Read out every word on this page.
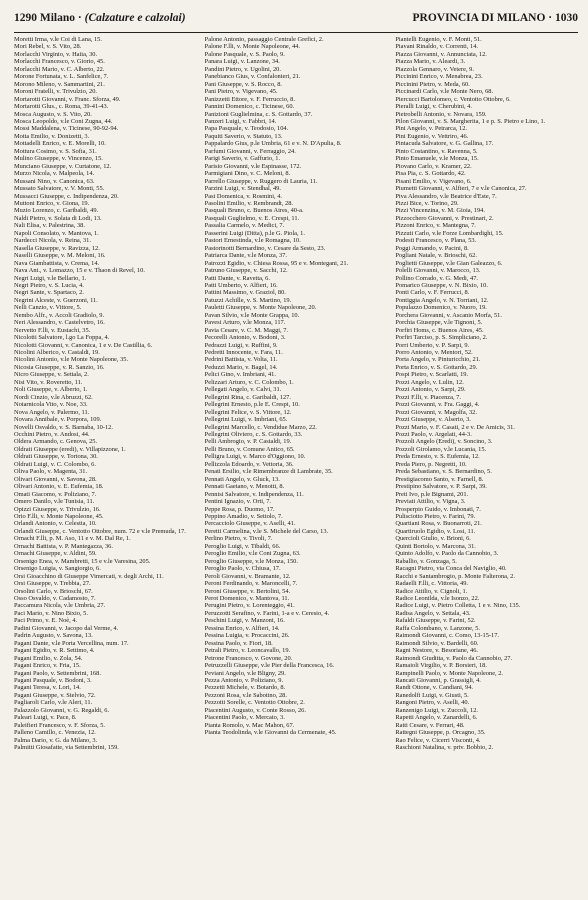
1290 Milano · (Calzature e calzolai)	PROVINCIA DI MILANO · 1030
Moretti Irma, v.le Coi di Lana, 15.
Mori Rebel, v. S. Vito, 28.
Morlacchi Virginio, v. Haiia, 30.
Morlacchi Francesco, v. Giorio, 45.
Morlacchi Mario, v. C. Alberto, 22.
Morone Fortunata, v. L. Sanfelice, 7.
Morono Mileno, v. Sammartini, 21.
Moroni Fratelli, v. Trivulzio, 20.
Mortarotti Giovanni, v. Franc. Sforza, 49.
Mortarotti Glus., c. Roma, 39-41-43.
Mosca Augusto, v. S. Vito, 20.
Mosca Leopoldo, v.le Coni Zugna, 44.
Mossi Maddalena, v. Ticinese, 90-92-94.
Motta Emilio, v. Donizetti, 3.
Mottadelli Enrico, v. E. Morelli, 10.
Mottura Cosimo, v. S. Sofia, 31.
Mulino Giuseppe, v. Vincenzo, 15.
Munciano Giuseppe, v. Curtatone, 12.
Murzo Nicola, v. Malpeola, 14.
Mussani Nino, v. Canonica, 63.
Mussato Salvatore, v. V. Monti, 55.
Mussacci Giuseppe, c. Indipendenza, 20.
Muttoni Enrico, v. Giona, 19.
Muzio Lorenzo, c. Garibaldi, 49.
Naldi Pietro, v. Solata di Lodi, 13.
Nali Elisa, v. Palestrina, 38.
Napoli Consolato, v. Mantova, 1.
Nardecci Nicola, v. Reina, 31.
Nasella Giuseppe, v. Ravizza, 12.
Naselli Giuseppe, v. M. Meloni, 16.
Nava Giambattista, v. Crema, 14.
Nava Ant., v. Lomazzo, 15 e v. Thaon di Revel, 10.
Negri Luigi, v.le Bellario, 1.
Negri Pietro, v. S. Lucia, 4.
Negri Sante, v. Spartaco, 2.
Negrini Alceste, v. Guerzoni, 11.
Nelli Canzio, v. Vittore, 5.
Nembo Alfr., v. Accoli Gradiolo, 9.
Neri Alessandro, v. Castelvetro, 16.
Nervetto F.lli, v. Eustachi, 35.
Nicolotti Salvatore, l.go La Foppa, 4.
Nicolotti Giovanni, v. Canonica, 1 e v. De Castillia, 6.
Nicolini Alberico, v. Castaldi, 19.
Nicolini Antonio, v.le Monte Napoleone, 35.
Nicosia Giuseppe, v. R. Sanzio, 16.
Nicro Giuseppe, v. Settala, 2.
Nisi Vito, v. Roveretto, 11.
Noli Giuseppe, v. Alberto, 1.
Nordi Cinzio, v.le Abruzzi, 62.
Notarnicola Vito, v. Noe, 33.
Nova Angelo, v. Palermo, 11.
Novara Annibale, v. Porpora, 109.
Novelli Osvaldo, v. S. Barnaba, 10-12.
Occhini Pietro, v. Andosi, 44.
Oldera Armando, c. Genova, 25.
Oldrati Giuseppe (eredi), v. Villapizzone, 1.
Oldrati Giuseppe, v. Tortona, 30.
Oldrati Luigi, v. C. Colombo, 6.
Oliva Paolo, v. Magenta, 31.
Olivari Giovanni, v. Savona, 28.
Olivari Antonio, v. E. Eufemia, 18.
Omati Giacomo, v. Poliziano, 7.
Omero Danilo, v.le Tunisia, 11.
Opizzi Giuseppe, v. Trivulzio, 16.
Orio F.lli, v. Monte Napoleone, 45.
Orlandi Antonio, v. Celestia, 10.
Orlandi Giuseppe, c. Ventotto Ottobre, num. 72 e v.le Premuda, 17.
Ornachi F.lli, p. M. Aso, 11 e v. M. Dal Re, 1.
Ornachi Battista, v. P. Mantegazza, 36.
Ornachi Giuseppe, v. Aldini, 59.
Orsenigo Enea, v. Mambretti, 15 e v.le Varesina, 205.
Orsenigo Luigia, v. Sangiorgio, 6.
Orsi Gioacchino di Giuseppe Vimercati, v. degli Archi, 11.
Orsi Giuseppe, v. Trebbia, 27.
Orsolini Carlo, v. Brioschi, 67.
Osso Osvaldo, v. Cadamosto, 7.
Paccamura Nicola, v.le Umbria, 27.
Paci Mario, v. Nino Bixio, 5.
Paci Primo, v. E. Noè, 4.
Padini Giovanni, v. Jacopo dal Verme, 4.
Padrin Augusto, v. Savona, 13.
Pagani Dante, v.le Porta Vercellina, num. 17.
Pagani Egidio, v. R. Settimo, 4.
Pagani Emilio, v. Zola, 54.
Pagani Enrico, v. Fria, 15.
Pagani Paolo, v. Settembrini, 168.
Pagani Pasquale, v. Bodoni, 3.
Pagani Teresa, v. Lori, 14.
Pagani Giuseppe, v. Stelvio, 72.
Pagliaroli Carlo, v.le Aleri, 11.
Palazzolo Giovanni, v. G. Regaldi, 6.
Paleari Luigi, v. Pace, 8.
Paleifieri Francesco, v. F. Sforza, 5.
Palleno Camillo, c. Venezia, 12.
Palma Dario, v. G. da Milano, 3.
Palmitti Giosafatte, via Settembrini, 159.
Palone Antonio, passaggio Centrale Grefici, 2.
Palone F.lli, v. Monte Napoleone, 44.
Palone Pasquale, v. S. Paolo, 9.
Panara Luigi, v. Lanzone, 34.
Pandini Pietro, v. Ugolini, 20.
Panebianco Gius, v. Confalonieri, 21.
Pani Giuseppe, v. S. Rocco, 8.
Pani Pietro, v. Vigevano, 45.
Panizzetti Ettore, v. F. Ferruccio, 8.
Pannini Domenico, c. Ticinese, 60.
Panizioni Guglielmina, c. S. Gottardo, 37.
Panzeri Luigi, v. Fabbri, 14.
Papa Pasquale, v. Teodosio, 104.
Paquiti Saverio, v. Statuto, 13.
Pappalardo Gius, p.le Umbria, 61 e v. N. D'Apulia, 8.
Parfumi Giovanni, v. Ferraggio, 24.
Parigi Saverio, v. Gaffurio, 1.
Parisio Giovanni, v.le Espinasse, 172.
Parmigiani Dino, v. C. Meloni, 8.
Parrello Giuseppe, v. Ruggero di Lauria, 11.
Parzini Luigi, v. Stendhal, 49.
Pasi Domenica, v. Rosmini, 4.
Pasolini Emilio, v. Rembrandt, 28.
Pasquali Bruno, c. Buenos Aires, 40-a.
Pasquali Guglielmo, v. E. Crespi, 11.
Passalia Carmelo, v. Medici, 7.
Passerini Luigi (Ditta), p.le G. Piola, 1.
Pastori Ernestinda, v.le Romagna, 10.
Pastorinotti Bernardino, v. Cesare da Sesto, 23.
Patriarca Dante, v.le Monza, 37.
Patrozzi Egidio, v. Chiesa Rossa, 95 e v. Montegani, 21.
Patruno Giuseppe, v. Sacchi, 12.
Patti Dante, v. Ravetta, 6.
Patti Umberto, v. Alfieri, 16.
Pattini Massimo, v. Graziol, 80.
Patuzzi Achille, v. S. Martino, 19.
Pauletti Giuseppe, v. Monte Napoleone, 20.
Pavan Silvio, v.le Monte Grappa, 10.
Pavesi Arturo, v.le Monza, 117.
Pavia Cesare, v. C. M. Maggi, 7.
Pecorelli Antonio, v. Bodoni, 3.
Pedrazzi Luigi, v. Ruffini, 9.
Pedretti Innocente, v. Fara, 11.
Pedrini Battista, v. Volta, 11.
Peduzzi Mario, v. Bagel, 14.
Pelici Gino, v. Imbriani, 41.
Pelizzari Arturo, v. C. Colombo, 1.
Pellegati Angelo, v. Calvi, 31.
Pellegrini Rina, c. Garibaldi, 127.
Pellegrini Ernesto, p.le E. Crespi, 10.
Pellegrini Felice, v. S. Vittore, 12.
Pellegrini Luigi, v. Imbriani, 65.
Pellegrini Marcello, c. Vendidue Marzo, 22.
Pellegrini Oliviero, c. S. Gottardo, 33.
Pelli Ambrogio, v. P. Castaldi, 19.
Pelli Bruno, v. Comune Antico, 65.
Pelligra Luigi, v. Marco d'Oggiono, 10.
Pellizzola Edoardo, v. Vettoria, 36.
Penati Ersilio, v.le Rimembranze di Lambrate, 35.
Pennati Angelo, v. Gluck, 13.
Pennati Gaetano, v. Menotti, 8.
Pennisi Salvatore, v. Indipendenza, 11.
Pentini Ignazio, v. Orti, 7.
Peppe Rosa, p. Duomo, 17.
Peppino Amadio, v. Settolo, 7.
Percacciolo Giuseppe, v. Aselli, 41.
Peretti Carmelina, v.le S. Michele del Carso, 13.
Perlino Pietro, v. Tivoli, 7.
Peroglio Luigi, v. Tibaldi, 66.
Peroglio Emilio, v.le Coni Zugna, 63.
Peroglio Giuseppe, v.le Monza, 150.
Peroglio Paolo, v. Chiusa, 17.
Peroli Giovanni, v. Bramante, 12.
Peroni Ferdinando, v. Maroncelli, 7.
Peroni Giuseppe, v. Bertolini, 54.
Perot Domenico, v. Mantova, 11.
Perugini Pietro, v. Lorenteggio, 41.
Peruzzotti Serafino, v. Farini, 1-a e v. Ceresio, 4.
Peschini Luigi, v. Manzoni, 16.
Pessina Enrico, v. Alfieri, 14.
Pessina Luigia, v. Procaccini, 26.
Pessina Paolo, v. Fiori, 18.
Petrali Pietro, v. Leoncavallo, 19.
Petrone Francesco, v. Govone, 20.
Petruzzelli Giuseppe, v.le Pier della Francesca, 16.
Peviani Angelo, v.le Bligny, 29.
Pezza Antonio, v. Poliziano, 9.
Pezzetti Michele, v. Botardo, 8.
Pezzoni Rosa, v.le Sabotino, 28.
Pezzotti Sorelle, c. Ventotto Ottobre, 2.
Piacentini Augusto, v. Conte Rosso, 26.
Piacentini Paolo, v. Mercato, 3.
Pianta Romolo, v. Mac Mahon, 67.
Pianta Teodolinda, v.le Giovanni da Cermenate, 45.
Piantelli Eugenio, v. F. Monti, 51.
Piavani Rinaldo, v. Correnti, 14.
Piazza Giovanni, v. Annunciata, 12.
Piazza Mario, v. Aleardi, 3.
Piazzola Gennaro, v. Vetere, 9.
Piccinini Enrico, v. Menabrea, 23.
Piccinini Pietro, v. Meda, 60.
Piccinardi Carlo, v.le Monte Nero, 68.
Piercucci Bartolomeo, c. Ventotto Ottobre, 6.
Pieralli Luigi, v. Cherubini, 4.
Pietrobelli Antonio, v. Novara, 159.
Pilon Giovanni, v. S. Margherita, 1 e p. S. Pietro e Lino, 1.
Pini Angelo, v. Petrarca, 12.
Pini Eugenio, v. Vettriro, 46.
Pintacuda Salvatore, v. G. Gallina, 17.
Pinto Costantino, v. Ravenna, 5.
Pinto Emanuele, v.le Monza, 15.
Piovano Carlo, v. Kramer, 22.
Pisa Pia, c. S. Gottardo, 42.
Pisani Emilio, v. Vigevano, 6.
Piumetti Giovanni, v. Alfieri, 7 e v.le Canonica, 27.
Piva Alessandro, v.le Beatrice d'Este, 7.
Pizzi Bice, v. Torino, 29.
Pizzi Vincenzina, v. M. Gioia, 194.
Pizzocchero Giovanni, v. Prestinari, 2.
Pizzoni Enrico, v. Mantegna, 7.
Pizzuti Carlo, v.le Forze Lombardighi, 15.
Podesti Francesco, v. Plana, 53.
Poggi Armando, v. Pacini, 8.
Pogliani Natale, v. Brioschi, 62.
Poglietti Giuseppe, v.le Gian Galeazzo, 6.
Polelli Giovanni, v. Marocco, 13.
Pollino Corrado, v. G. Medi, 47.
Pomarico Giuseppe, v. N. Bixio, 10.
Ponti Carlo, v. F. Ferrucci, 8.
Pontiggia Angelo, v. N. Torriani, 12.
Populazzo Domenico, v. Nuoro, 19.
Porchera Giovanni, v. Ascanio Morfa, 51.
Porchia Giuseppe, v.le Tignoni, 5.
Porfiri Homs, c. Buenos Aires, 45.
Porfiri Tarciso, p. S. Simpliciano, 2.
Porri Umberto, v. P. Sarpi, 9.
Porro Antonio, v. Mentori, 52.
Porta Angelo, v. Pinturicchio, 21.
Porta Enrico, v. S. Gottardo, 29.
Pospi Pietro, v. Scarlatti, 19.
Pozzi Angelo, v. Lulin, 12.
Pozzi Antonio, v. Sarpi, 29.
Pozzi F.lli, v. Piacenza, 7.
Pozzi Giovanni, v. Fra. Gaggi, 4.
Pozzi Giovanni, v. Magolfa, 32.
Pozzi Giuseppe, v. Alserio, 3.
Pozzi Mario, v. F. Casati, 2 e v. De Amicis, 31.
Pozzi Paolo, v. Argelati, 44-3.
Pozzoli Angelo (Eredi), v. Soncino, 3.
Pozzoli Girolamo, v.le Lucania, 15.
Preda Ernesto, v. S. Eufemia, 12.
Preda Piero, p. Negretti, 10.
Preda Sebastiano, v. S. Bernardino, 5.
Prestigiacomo Santo, v. Farnell, 8.
Prestipino Salvatore, v. P. Sarpi, 39.
Preti Ivo, p.le Bignami, 201.
Previati Attilio, v. Vigna, 3.
Prosperpio Guido, v. Imbonati, 7.
Pulisciotto Pietro, v. Farini, 79.
Quartiani Rosa, v. Buonarroti, 21.
Quartiruolo Egidio, v. Losi, 11.
Quercioli Giulio, v. Brioni, 6.
Quinti Bortolo, v. Marcona, 31.
Quinto Adolfo, v. Paolo da Cannobio, 3.
Raballio, v. Gonzaga, 5.
Racagni Pietro, via Conca del Naviglio, 40.
Racchi e Santambrogio, p. Monte Falterona, 2.
Radaelli F.lli, c. Vittoria, 49.
Radice Attilio, v. Cignoli, 1.
Radice Leonilda, v.le Isonzo, 22.
Radice Luigi, v. Pietro Colletta, 1 e v. Nino, 135.
Radisa Angelo, v. Settala, 43.
Rafaldi Giuseppe, v. Farini, 52.
Raffa Colombano, v. Lanzone, 5.
Raimondi Giovanni, c. Como, 13-15-17.
Raimondi Silvio, v. Bardelli, 60.
Ragni Nestore, v. Besoriane, 46.
Raimondi Giuditta, v. Paolo da Cannobio, 27.
Ramaioli Virgilio, v. P. Borsieri, 18.
Rampinelli Paolo, v. Monte Napoleone, 2.
Rancati Giovanni, p. Grassigli, 4.
Randi Ottone, v. Candiani, 94.
Ranedolfi Luigi, v. Giusti, 5.
Rangoni Pietro, v. Aselli, 40.
Ranzenigo Luigi, v. Zuccoli, 12.
Rapetti Angelo, v. Zanardelli, 6.
Ratti Cesare, v. Ferrari, 48.
Rattegni Giuseppe, p. Orcagno, 35.
Rao Felice, v. Cicerri Visconti, 4.
Raschioni Natalina, v. priv. Bobbio, 2.
